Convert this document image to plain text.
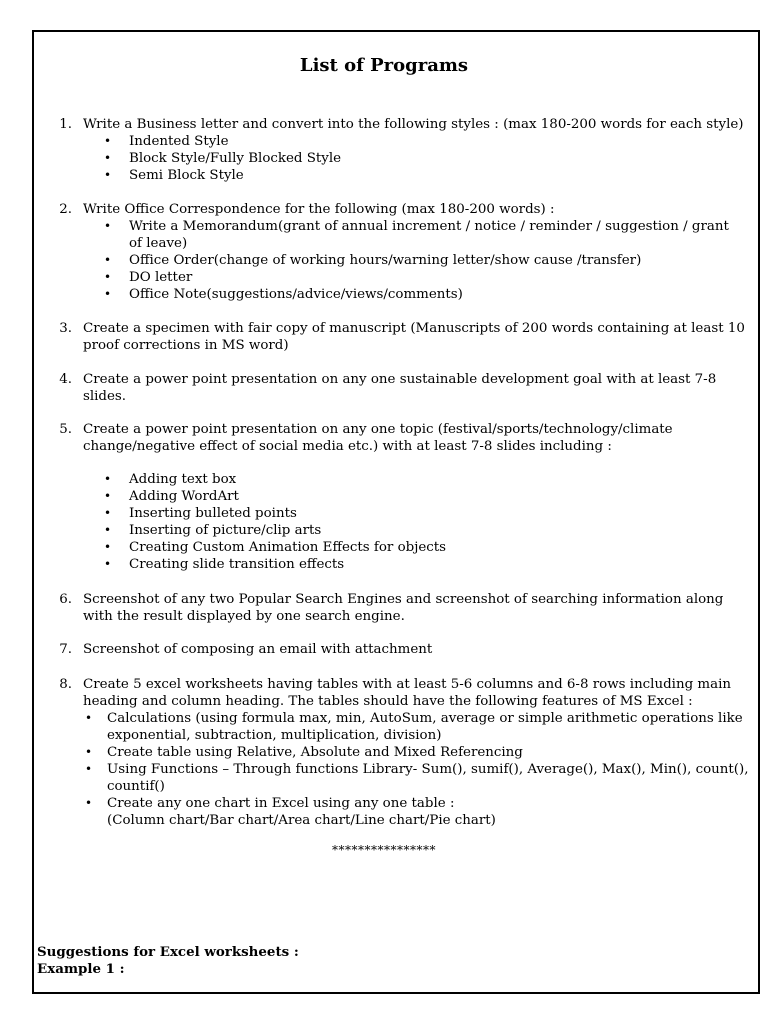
List of Programs
1. Write a Business letter and convert into the following styles : (max 180-200 words for each style)
• Indented Style
• Block Style/Fully Blocked Style
• Semi Block Style
2. Write Office Correspondence for the following (max 180-200 words) :
• Write a Memorandum(grant of annual increment / notice / reminder / suggestion / grant
of leave)
• Office Order(change of working hours/warning letter/show cause /transfer)
• DO letter
• Office Note(suggestions/advice/views/comments)
3. Create a specimen with fair copy of manuscript (Manuscripts of 200 words containing at least 10
proof corrections in MS word)
4. Create a power point presentation on any one sustainable development goal with at least 7-8
slides.
5. Create a power point presentation on any one topic (festival/sports/technology/climate
change/negative effect of social media etc.) with at least 7-8 slides including :
• Adding text box
• Adding WordArt
• Inserting bulleted points
• Inserting of picture/clip arts
• Creating Custom Animation Effects for objects
• Creating slide transition effects
6. Screenshot of any two Popular Search Engines and screenshot of searching information along
with the result displayed by one search engine.
7. Screenshot of composing an email with attachment
8. Create 5 excel worksheets having tables with at least 5-6 columns and 6-8 rows including main
heading and column heading. The tables should have the following features of MS Excel :
• Calculations (using formula max, min, AutoSum, average or simple arithmetic operations like
exponential, subtraction, multiplication, division)
• Create table using Relative, Absolute and Mixed Referencing
• Using Functions – Through functions Library- Sum(), sumif(), Average(), Max(), Min(), count(),
countif()
• Create any one chart in Excel using any one table :
(Column chart/Bar chart/Area chart/Line chart/Pie chart)
****************
Suggestions for Excel worksheets :
Example 1 :
